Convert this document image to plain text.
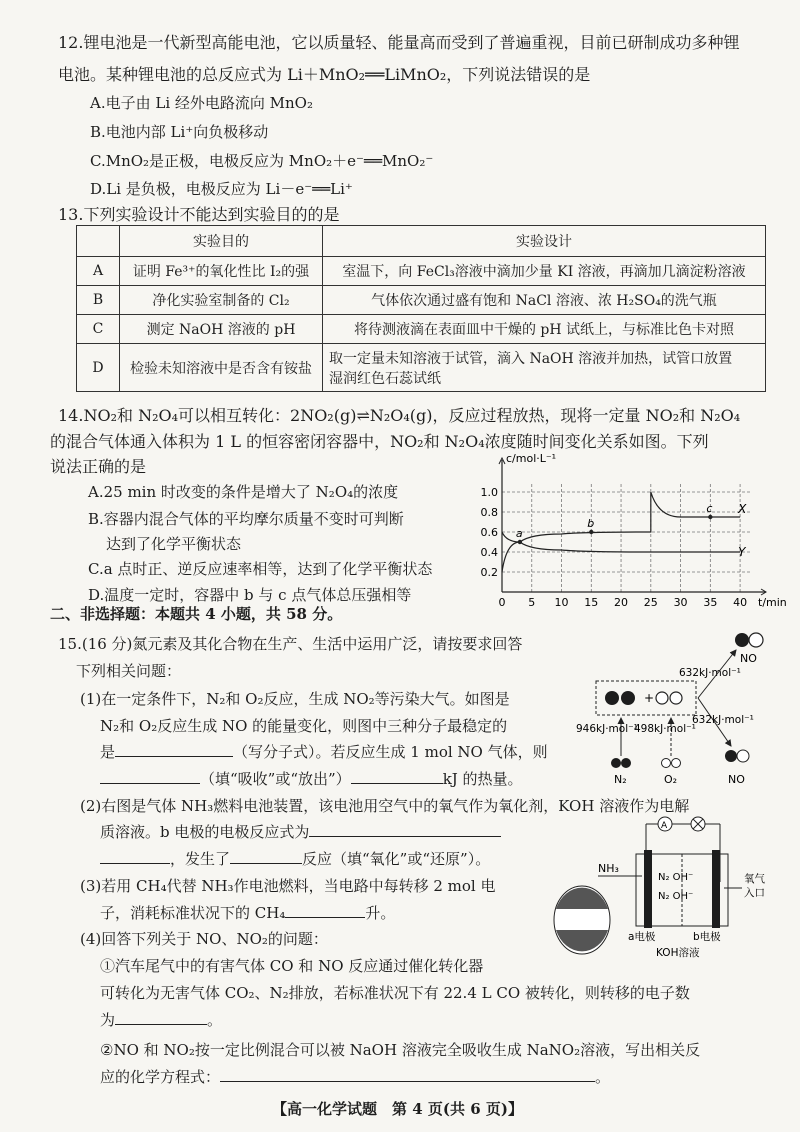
12.锂电池是一代新型高能电池，它以质量轻、能量高而受到了普遍重视，目前已研制成功多种锂
电池。某种锂电池的总反应式为 Li＋MnO₂══LiMnO₂，下列说法错误的是
A.电子由 Li 经外电路流向 MnO₂
B.电池内部 Li⁺向负极移动
C.MnO₂是正极，电极反应为 MnO₂＋e⁻══MnO₂⁻
D.Li 是负极，电极反应为 Li－e⁻══Li⁺
13.下列实验设计不能达到实验目的的是
	实验目的	实验设计
A	证明 Fe³⁺的氧化性比 I₂的强	室温下，向 FeCl₃溶液中滴加少量 KI 溶液，再滴加几滴淀粉溶液
B	净化实验室制备的 Cl₂	气体依次通过盛有饱和 NaCl 溶液、浓 H₂SO₄的洗气瓶
C	测定 NaOH 溶液的 pH	将待测液滴在表面皿中干燥的 pH 试纸上，与标准比色卡对照
D	检验未知溶液中是否含有铵盐	取一定量未知溶液于试管，滴入 NaOH 溶液并加热，试管口放置
湿润红色石蕊试纸
14.NO₂和 N₂O₄可以相互转化：2NO₂(g)⇌N₂O₄(g)，反应过程放热，现将一定量 NO₂和 N₂O₄
的混合气体通入体积为 1 L 的恒容密闭容器中，NO₂和 N₂O₄浓度随时间变化关系如图。下列
说法正确的是
A.25 min 时改变的条件是增大了 N₂O₄的浓度
B.容器内混合气体的平均摩尔质量不变时可判断
达到了化学平衡状态
C.a 点时正、逆反应速率相等，达到了化学平衡状态
D.温度一定时，容器中 b 与 c 点气体总压强相等
0.2
0.4
0.6
0.8
1.0
0 5 10 15 20 25 30 35 40
c/mol·L⁻¹
t/min
X
Y
a
b
c
二、非选择题：本题共 4 小题，共 58 分。
15.(16 分)氮元素及其化合物在生产、生活中运用广泛，请按要求回答
下列相关问题：
(1)在一定条件下，N₂和 O₂反应，生成 NO₂等污染大气。如图是
N₂和 O₂反应生成 NO 的能量变化，则图中三种分子最稳定的
是	（写分子式）。若反应生成 1 mol NO 气体，则
（填“吸收”或“放出”）	kJ 的热量。
(2)右图是气体 NH₃燃料电池装置，该电池用空气中的氧气作为氧化剂，KOH 溶液作为电解
质溶液。b 电极的电极反应式为
，发生了	反应（填“氧化”或“还原”）。
(3)若用 CH₄代替 NH₃作电池燃料，当电路中每转移 2 mol 电
子，消耗标准状况下的 CH₄	升。
(4)回答下列关于 NO、NO₂的问题：
①汽车尾气中的有害气体 CO 和 NO 反应通过催化转化器
可转化为无害气体 CO₂、N₂排放，若标准状况下有 22.4 L CO 被转化，则转移的电子数
为	。
②NO 和 NO₂按一定比例混合可以被 NaOH 溶液完全吸收生成 NaNO₂溶液，写出相关反
应的化学方程式：	。
NO
632kJ·mol⁻¹
+
632kJ·mol⁻¹
946kJ·mol⁻¹
498kJ·mol⁻¹
N₂	O₂	NO
A
N₂ OH⁻
N₂ OH⁻
NH₃
氧气
入口
a电极	b电极
KOH溶液
【高一化学试题　第 4 页(共 6 页)】
